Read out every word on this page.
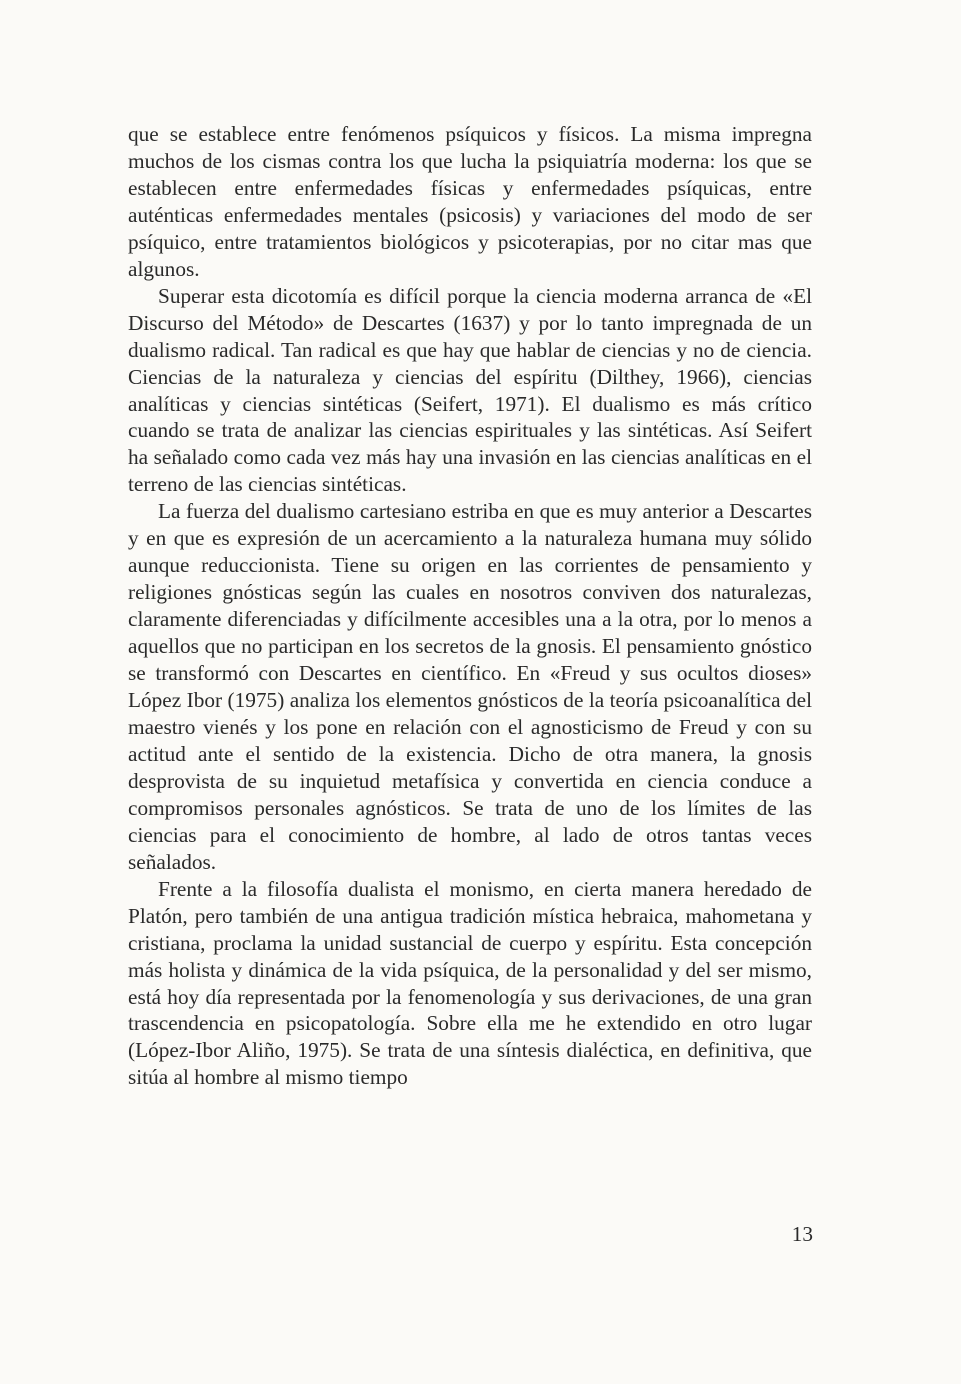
que se establece entre fenómenos psíquicos y físicos. La misma impregna muchos de los cismas contra los que lucha la psiquiatría moderna: los que se establecen entre enfermedades físicas y enfermedades psíquicas, entre auténticas enfermedades mentales (psicosis) y variaciones del modo de ser psíquico, entre tratamientos biológicos y psicoterapias, por no citar mas que algunos.

Superar esta dicotomía es difícil porque la ciencia moderna arranca de «El Discurso del Método» de Descartes (1637) y por lo tanto impregnada de un dualismo radical. Tan radical es que hay que hablar de ciencias y no de ciencia. Ciencias de la naturaleza y ciencias del espíritu (Dilthey, 1966), ciencias analíticas y ciencias sintéticas (Seifert, 1971). El dualismo es más crítico cuando se trata de analizar las ciencias espirituales y las sintéticas. Así Seifert ha señalado como cada vez más hay una invasión en las ciencias analíticas en el terreno de las ciencias sintéticas.

La fuerza del dualismo cartesiano estriba en que es muy anterior a Descartes y en que es expresión de un acercamiento a la naturaleza humana muy sólido aunque reduccionista. Tiene su origen en las corrientes de pensamiento y religiones gnósticas según las cuales en nosotros conviven dos naturalezas, claramente diferenciadas y difícilmente accesibles una a la otra, por lo menos a aquellos que no participan en los secretos de la gnosis. El pensamiento gnóstico se transformó con Descartes en científico. En «Freud y sus ocultos dioses» López Ibor (1975) analiza los elementos gnósticos de la teoría psicoanalítica del maestro vienés y los pone en relación con el agnosticismo de Freud y con su actitud ante el sentido de la existencia. Dicho de otra manera, la gnosis desprovista de su inquietud metafísica y convertida en ciencia conduce a compromisos personales agnósticos. Se trata de uno de los límites de las ciencias para el conocimiento de hombre, al lado de otros tantas veces señalados.

Frente a la filosofía dualista el monismo, en cierta manera heredado de Platón, pero también de una antigua tradición mística hebraica, mahometana y cristiana, proclama la unidad sustancial de cuerpo y espíritu. Esta concepción más holista y dinámica de la vida psíquica, de la personalidad y del ser mismo, está hoy día representada por la fenomenología y sus derivaciones, de una gran trascendencia en psicopatología. Sobre ella me he extendido en otro lugar (López-Ibor Aliño, 1975). Se trata de una síntesis dialéctica, en definitiva, que sitúa al hombre al mismo tiempo

13
